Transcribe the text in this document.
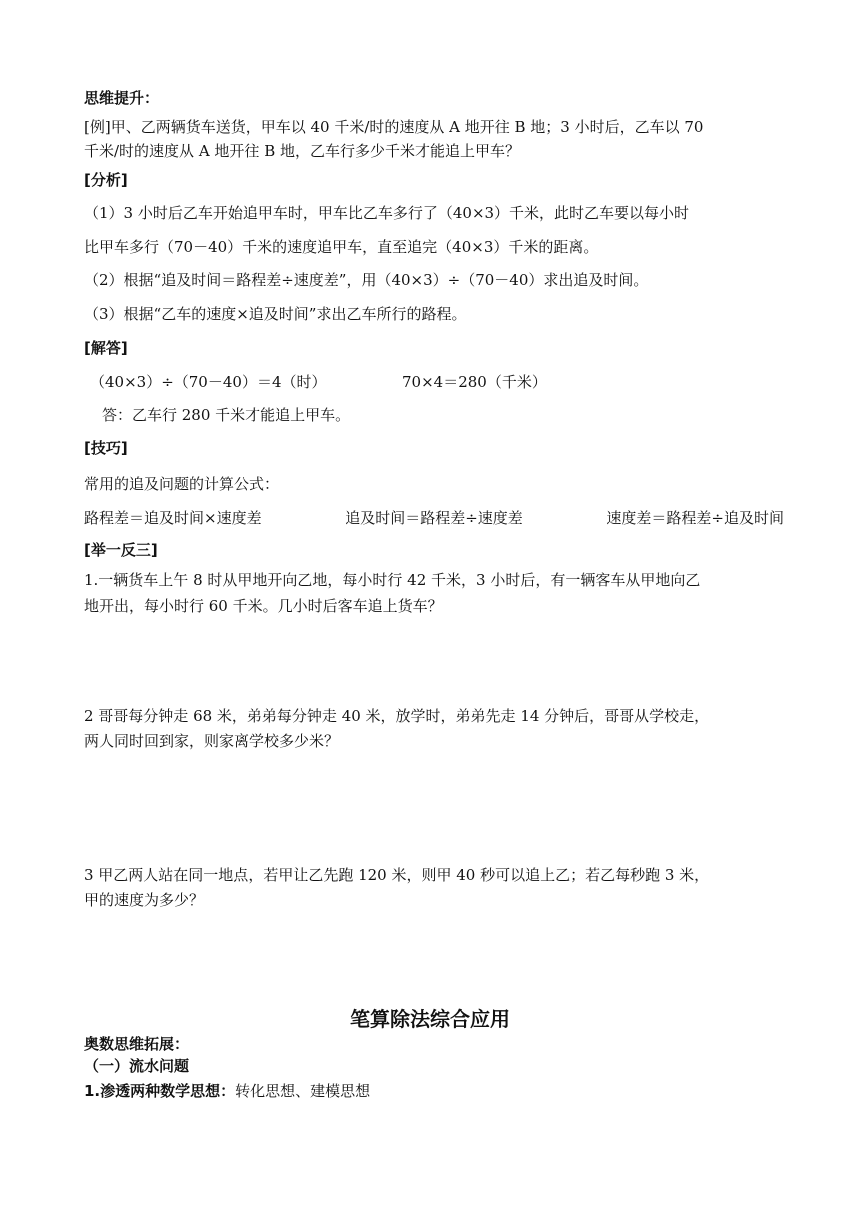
思维提升：
[例]甲、乙两辆货车送货，甲车以 40 千米/时的速度从 A 地开往 B 地；3 小时后，乙车以 70
千米/时的速度从 A 地开往 B 地，乙车行多少千米才能追上甲车？
[分析]
（1）3 小时后乙车开始追甲车时，甲车比乙车多行了（40×3）千米，此时乙车要以每小时
比甲车多行（70－40）千米的速度追甲车，直至追完（40×3）千米的距离。
（2）根据“追及时间＝路程差÷速度差”，用（40×3）÷（70－40）求出追及时间。
（3）根据“乙车的速度×追及时间”求出乙车所行的路程。
[解答]
（40×3）÷（70－40）＝4（时）	70×4＝280（千米）
答：乙车行 280 千米才能追上甲车。
[技巧]
常用的追及问题的计算公式：
路程差＝追及时间×速度差	追及时间＝路程差÷速度差	速度差＝路程差÷追及时间
[举一反三]
1.一辆货车上午 8 时从甲地开向乙地，每小时行 42 千米，3 小时后，有一辆客车从甲地向乙
地开出，每小时行 60 千米。几小时后客车追上货车？
2 哥哥每分钟走 68 米，弟弟每分钟走 40 米，放学时，弟弟先走 14 分钟后，哥哥从学校走，
两人同时回到家，则家离学校多少米？
3 甲乙两人站在同一地点，若甲让乙先跑 120 米，则甲 40 秒可以追上乙；若乙每秒跑 3 米，
甲的速度为多少？
笔算除法综合应用
奥数思维拓展：
（一）流水问题
1.渗透两种数学思想：转化思想、建模思想
